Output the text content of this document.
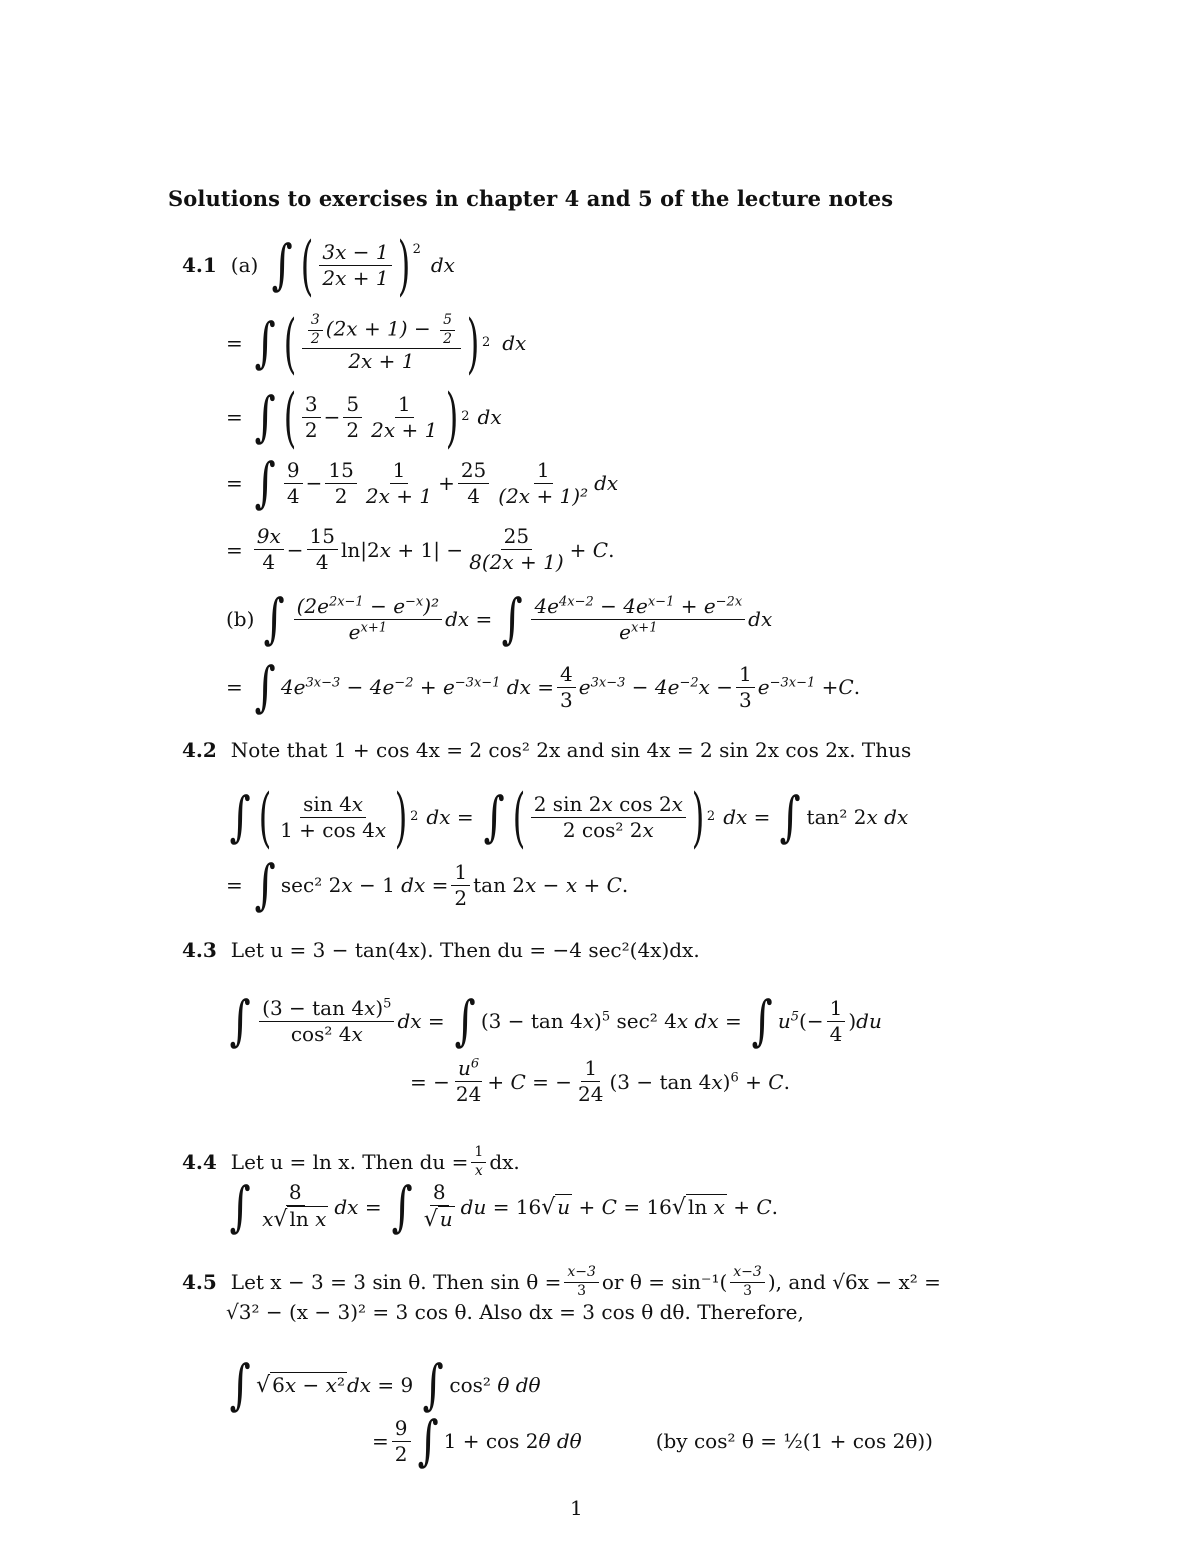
Solutions to exercises in chapter 4 and 5 of the lecture notes
4.1 (a) ∫ ( $\frac{3x - 1}{2x + 1}$ ) 2
dx
= ∫ ( $\frac{\frac{3}{2} (2x + 1) - \frac{5}{2}}{2x + 1}$ ) 2 dx
= ∫ ( $\frac{3}{2} - \frac{5}{2} \frac{1}{2x + 1}$ ) 2 dx
= ∫ $\frac{9}{4} - \frac{15}{2} \frac{1}{2x + 1} + \frac{25}{4} \frac{1}{\text{(2x + 1)²}}$ dx
= $\frac{9x}{4} - \frac{15}{4} \ln|2x + 1| - \frac{25}{8(2x + 1)} + C$.
(b) ∫ $\frac{(2e^{2x-1} - e^{-x})^2}{e^{x+1}}$ dx = ∫ $\frac{4e^{4x-2} - 4e^{x-1} + e^{-2x}}{e^{x+1}}$ dx
= ∫ $4e^{3x-3} - 4e^{-2} + e^{-3x-1}$ dx = $\frac{4}{3} e^{3x-3} - 4e^{-2}x - \frac{1}{3} e^{-3x-1} + C$ .
4.2 Note that 1 + cos 4x = 2 cos² 2x and sin 4x = 2 sin 2x cos 2x. Thus
∫ ( $\frac{\sin 4x}{1 + \cos 4x}$ ) 2 dx = ∫ ( $\frac{\text{2 sin 2x cos 2x}}{\text{2 cos² 2x}}$ ) 2 dx = ∫ tan² 2x dx
= ∫ sec² 2x − 1 dx = $\frac{1}{2}$ tan 2x − x + C.
4.3 Let u = 3 − tan(4x). Then du = −4 sec²(4x)dx.
∫ $\frac{(3 - \tan 4x)^5}{\text{cos² 4x}}$ dx = ∫ $(3 - \tan 4x)^5$ sec² 4x dx = ∫ $u^5$ (− $\frac{1}{4}$ ) du
= − $\frac{u^6}{24} + C$ = − $\frac{1}{24} (3 - \tan 4x)^6 + C$.
4.4 Let u = ln x. Then du = $\frac{1}{x}$ dx.
∫ $\frac{8}{\text{x√ ln x}}$ dx = ∫ $\frac{8}{√ u}$ du = 16√ u + C = 16√ ln x + C.
4.5 Let x − 3 = 3 sin θ. Then $\sin \theta = \frac{x-3}{3}$ or $\theta = \sin^{-1}( \frac{x-3}{3}$ ), and √6x − x² =
√3² − (x − 3)² = 3 cos θ. Also dx = 3 cos θ dθ. Therefore,
∫ √ 6x − x² dx = 9 ∫ cos² θ dθ
= $\frac{9}{2}$ ∫ 1 + cos 2θ dθ	(by cos² θ = ½(1 + cos 2θ))
1
